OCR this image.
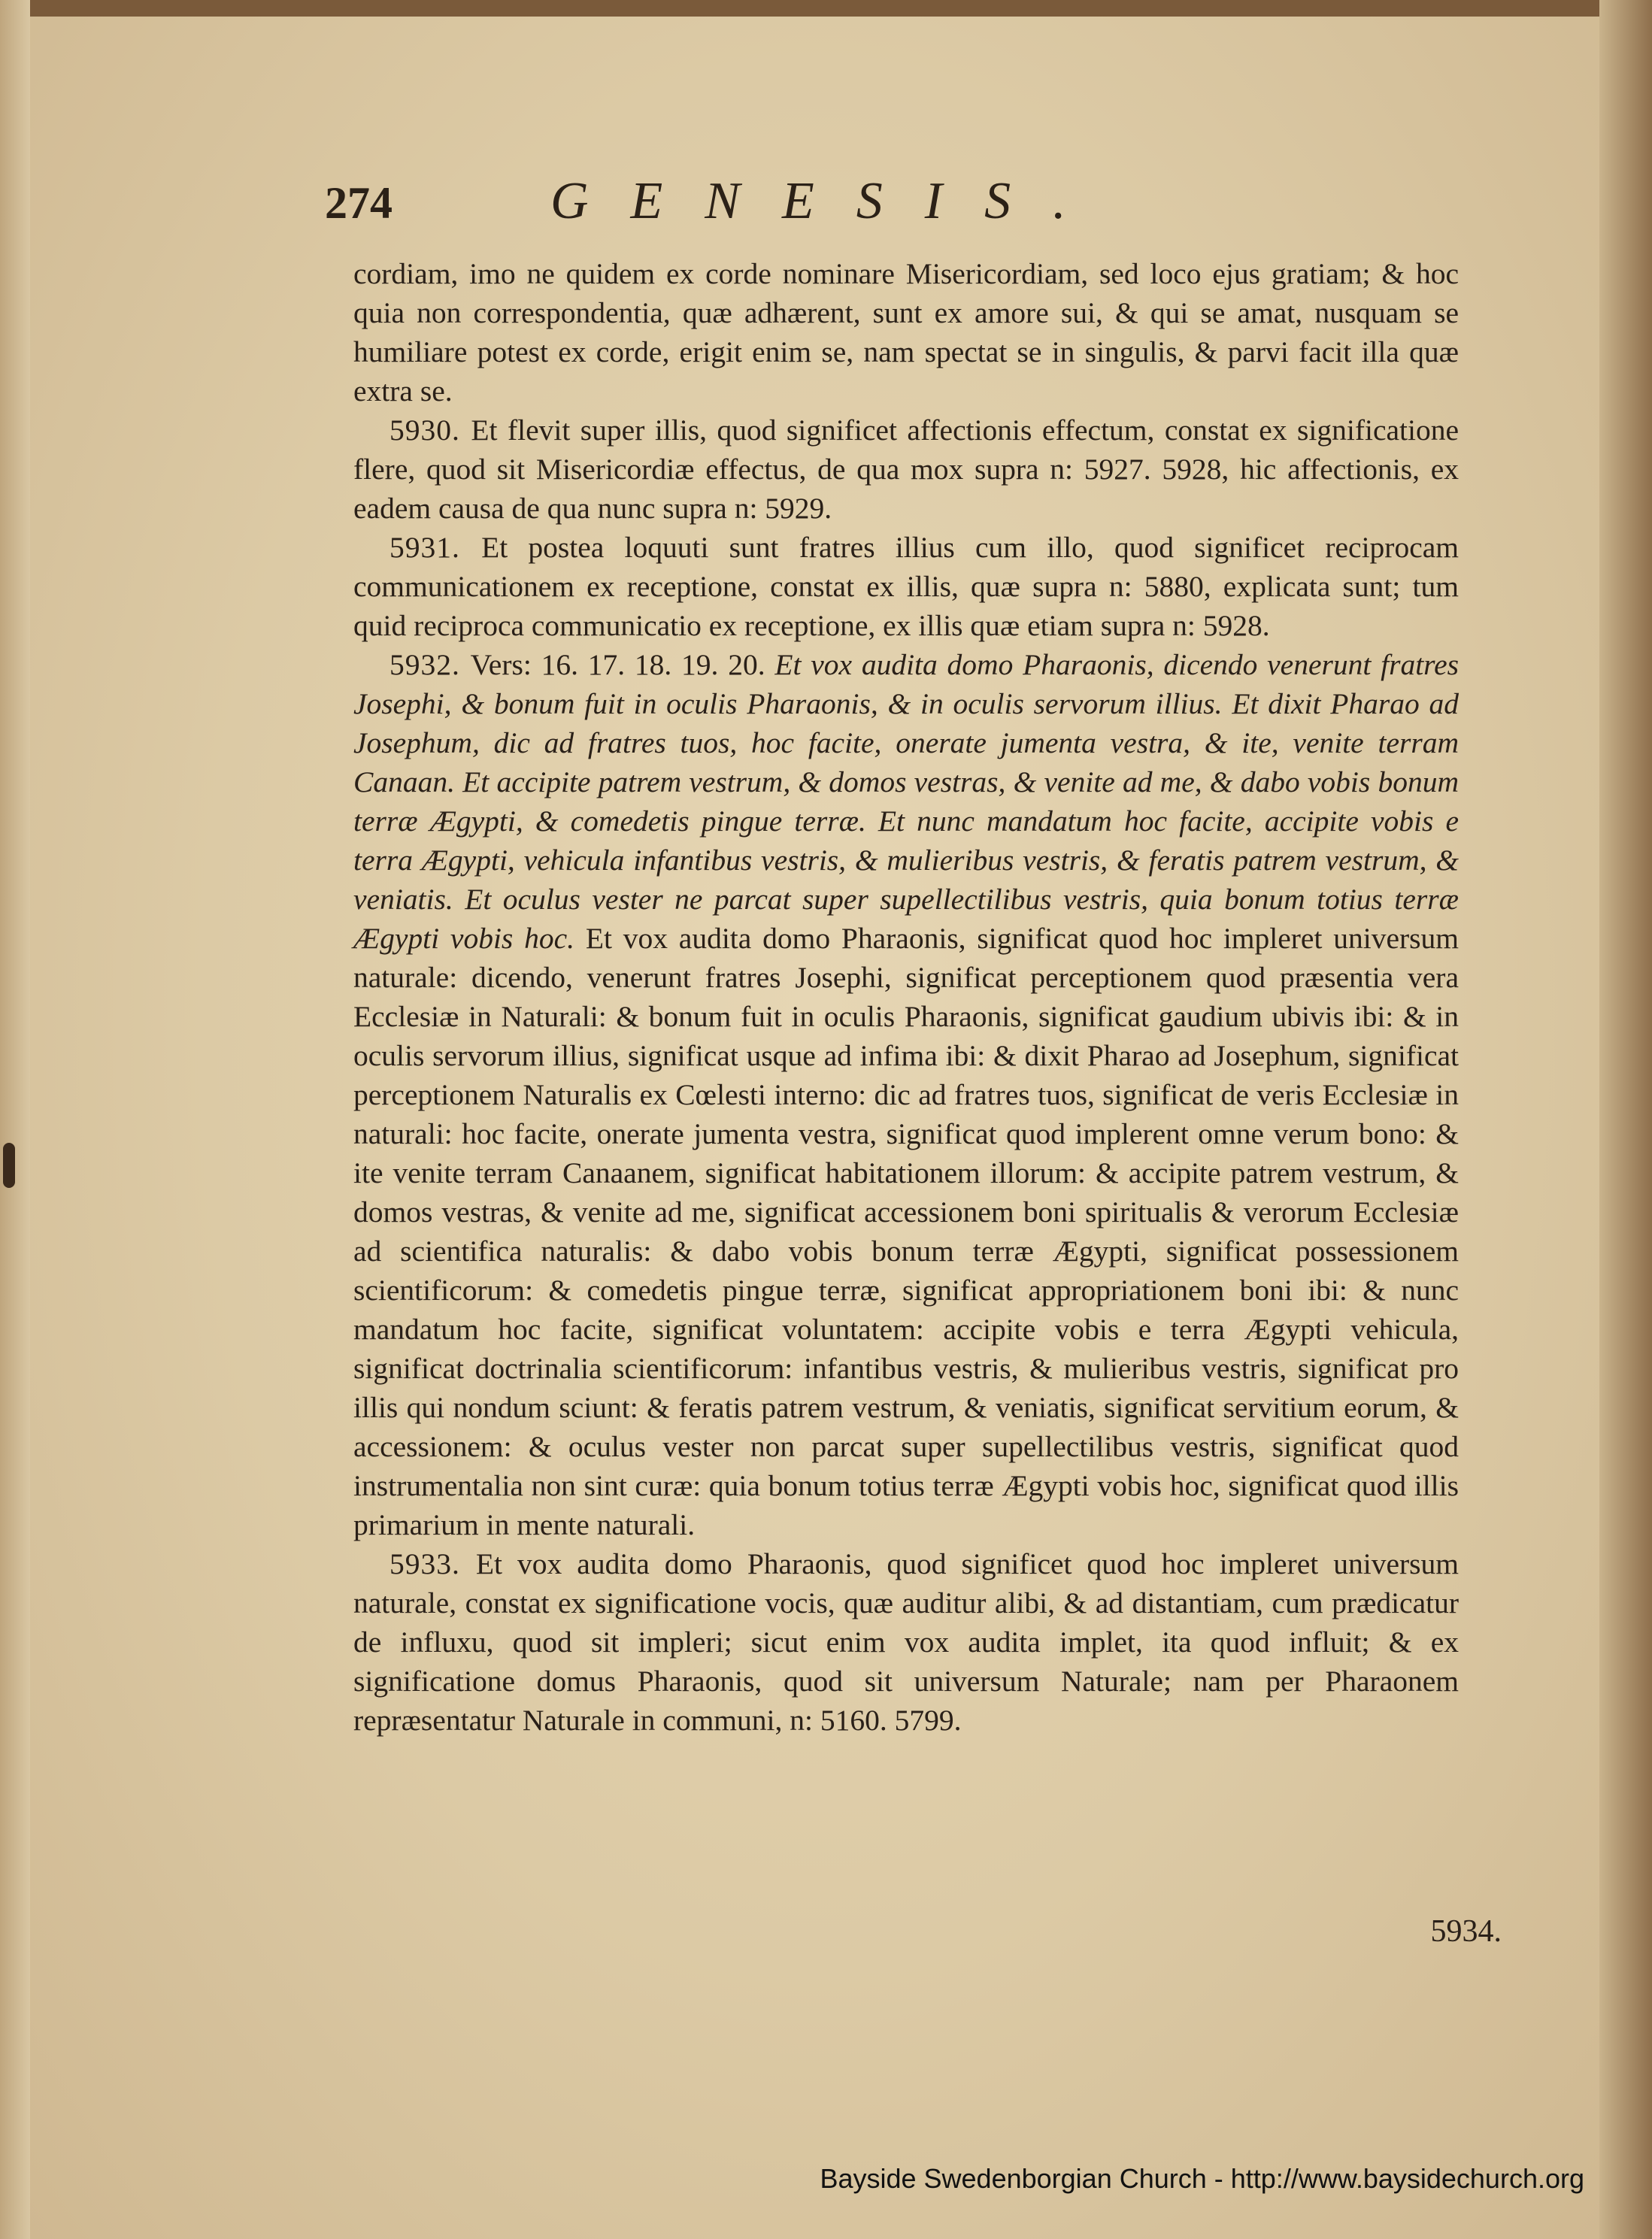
274	GENESIS.

cordiam, imo ne quidem ex corde nominare Misericordiam, sed loco ejus gratiam; & hoc quia non correspondentia, quæ adhærent, sunt ex amore sui, & qui se amat, nusquam se humiliare potest ex corde, erigit enim se, nam spectat se in singulis, & parvi facit illa quæ extra se.

5930. Et flevit super illis, quod significet affectionis effectum, constat ex significatione flere, quod sit Misericordiæ effectus, de qua mox supra n: 5927. 5928, hic affectionis, ex eadem causa de qua nunc supra n: 5929.

5931. Et postea loquuti sunt fratres illius cum illo, quod significet reciprocam communicationem ex receptione, constat ex illis, quæ supra n: 5880, explicata sunt; tum quid reciproca communicatio ex receptione, ex illis quæ etiam supra n: 5928.

5932. Vers: 16. 17. 18. 19. 20. Et vox audita domo Pharaonis, dicendo venerunt fratres Josephi, & bonum fuit in oculis Pharaonis, & in oculis servorum illius. Et dixit Pharao ad Josephum, dic ad fratres tuos, hoc facite, onerate jumenta vestra, & ite, venite terram Canaan. Et accipite patrem vestrum, & domos vestras, & venite ad me, & dabo vobis bonum terræ Ægypti, & comedetis pingue terræ. Et nunc mandatum hoc facite, accipite vobis e terra Ægypti, vehicula infantibus vestris, & mulieribus vestris, & feratis patrem vestrum, & veniatis. Et oculus vester ne parcat super supellectilibus vestris, quia bonum totius terræ Ægypti vobis hoc. Et vox audita domo Pharaonis, significat quod hoc impleret universum naturale: dicendo, venerunt fratres Josephi, significat perceptionem quod præsentia vera Ecclesiæ in Naturali: & bonum fuit in oculis Pharaonis, significat gaudium ubivis ibi: & in oculis servorum illius, significat usque ad infima ibi: & dixit Pharao ad Josephum, significat perceptionem Naturalis ex Cœlesti interno: dic ad fratres tuos, significat de veris Ecclesiæ in naturali: hoc facite, onerate jumenta vestra, significat quod implerent omne verum bono: & ite venite terram Canaanem, significat habitationem illorum: & accipite patrem vestrum, & domos vestras, & venite ad me, significat accessionem boni spiritualis & verorum Ecclesiæ ad scientifica naturalis: & dabo vobis bonum terræ Ægypti, significat possessionem scientificorum: & comedetis pingue terræ, significat appropriationem boni ibi: & nunc mandatum hoc facite, significat voluntatem: accipite vobis e terra Ægypti vehicula, significat doctrinalia scientificorum: infantibus vestris, & mulieribus vestris, significat pro illis qui nondum sciunt: & feratis patrem vestrum, & veniatis, significat servitium eorum, & accessionem: & oculus vester non parcat super supellectilibus vestris, significat quod instrumentalia non sint curæ: quia bonum totius terræ Ægypti vobis hoc, significat quod illis primarium in mente naturali.

5933. Et vox audita domo Pharaonis, quod significet quod hoc impleret universum naturale, constat ex significatione vocis, quæ auditur alibi, & ad distantiam, cum prædicatur de influxu, quod sit impleri; sicut enim vox audita implet, ita quod influit; & ex significatione domus Pharaonis, quod sit universum Naturale; nam per Pharaonem repræsentatur Naturale in communi, n: 5160. 5799.

5934.
Bayside Swedenborgian Church - http://www.baysidechurch.org
